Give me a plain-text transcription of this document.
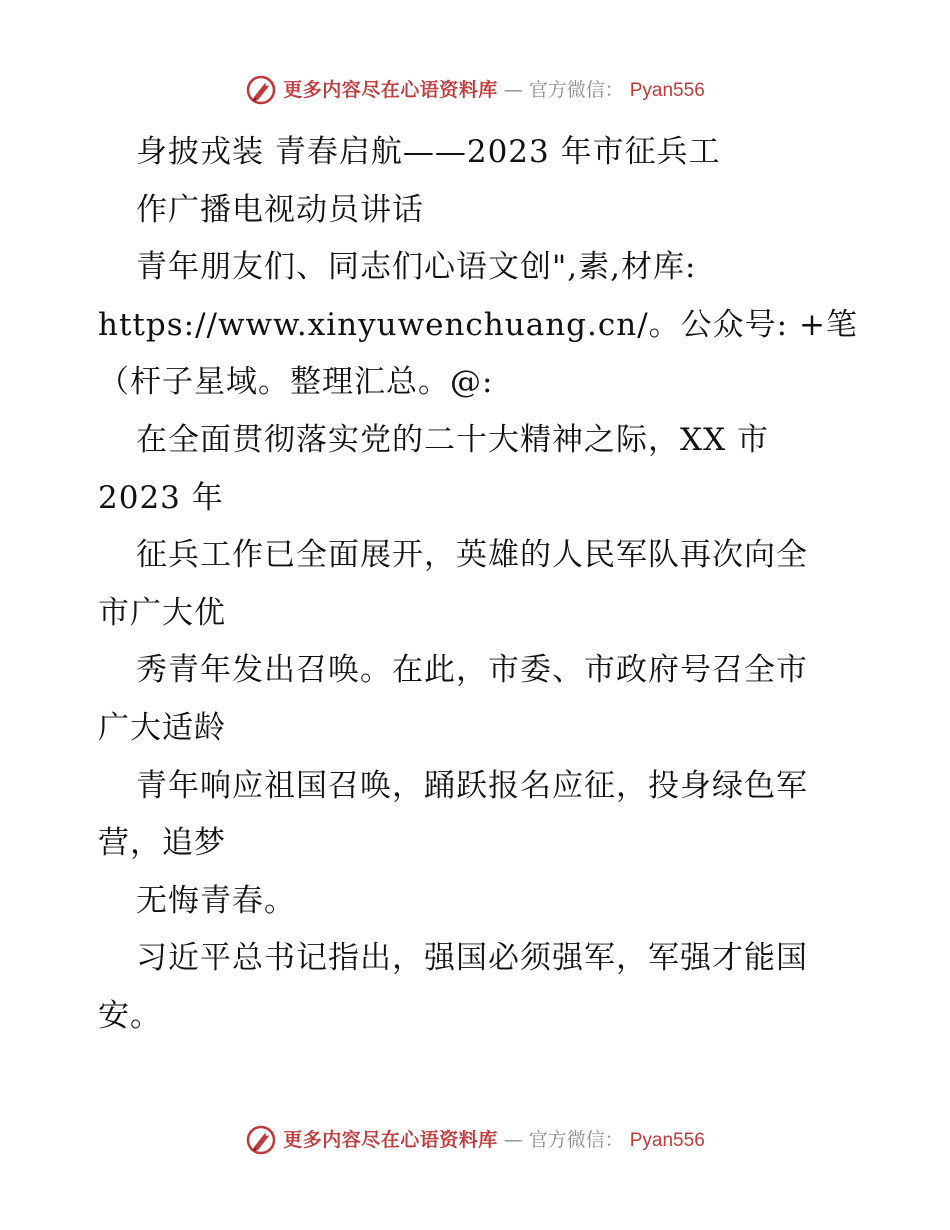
更多内容尽在心语资料库 — 官方微信： Pyan556
身披戎装 青春启航——2023 年市征兵工
作广播电视动员讲话
青年朋友们、同志们心语文创",素,材库:
https://www.xinyuwenchuang.cn/。公众号: +笔
（杆子星域。整理汇总。@:
在全面贯彻落实党的二十大精神之际，XX 市
2023 年
征兵工作已全面展开，英雄的人民军队再次向全
市广大优
秀青年发出召唤。在此，市委、市政府号召全市
广大适龄
青年响应祖国召唤，踊跃报名应征，投身绿色军
营，追梦
无悔青春。
习近平总书记指出，强国必须强军，军强才能国
安。
更多内容尽在心语资料库 — 官方微信： Pyan556
